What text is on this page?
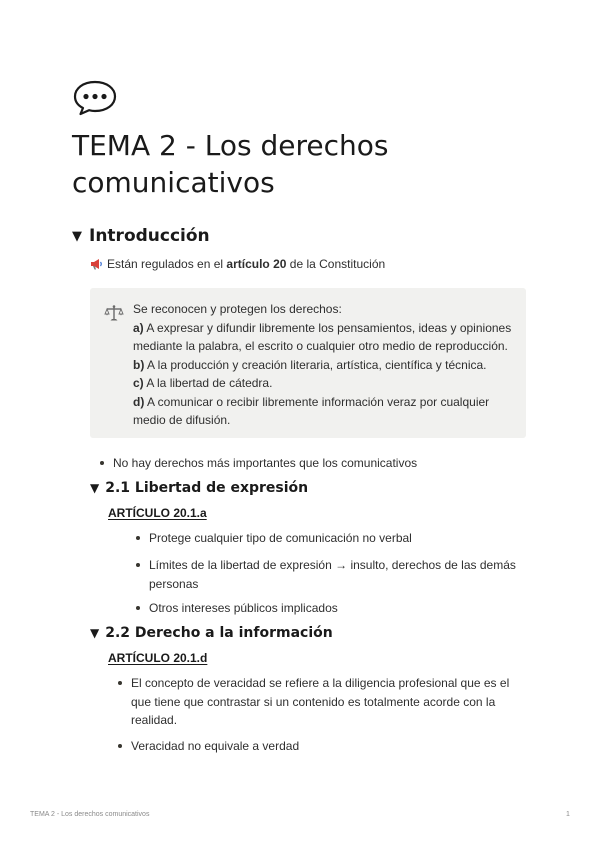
TEMA 2 - Los derechos comunicativos
▼ Introducción
Están regulados en el artículo 20 de la Constitución
Se reconocen y protegen los derechos:
a) A expresar y difundir libremente los pensamientos, ideas y opiniones mediante la palabra, el escrito o cualquier otro medio de reproducción.
b) A la producción y creación literaria, artística, científica y técnica.
c) A la libertad de cátedra.
d) A comunicar o recibir libremente información veraz por cualquier medio de difusión.
No hay derechos más importantes que los comunicativos
▼ 2.1 Libertad de expresión
ARTÍCULO 20.1.a
Protege cualquier tipo de comunicación no verbal
Límites de la libertad de expresión → insulto, derechos de las demás personas
Otros intereses públicos implicados
▼ 2.2 Derecho a la información
ARTÍCULO 20.1.d
El concepto de veracidad se refiere a la diligencia profesional que es el que tiene que contrastar si un contenido es totalmente acorde con la realidad.
Veracidad no equivale a verdad
TEMA 2 - Los derechos comunicativos	1
